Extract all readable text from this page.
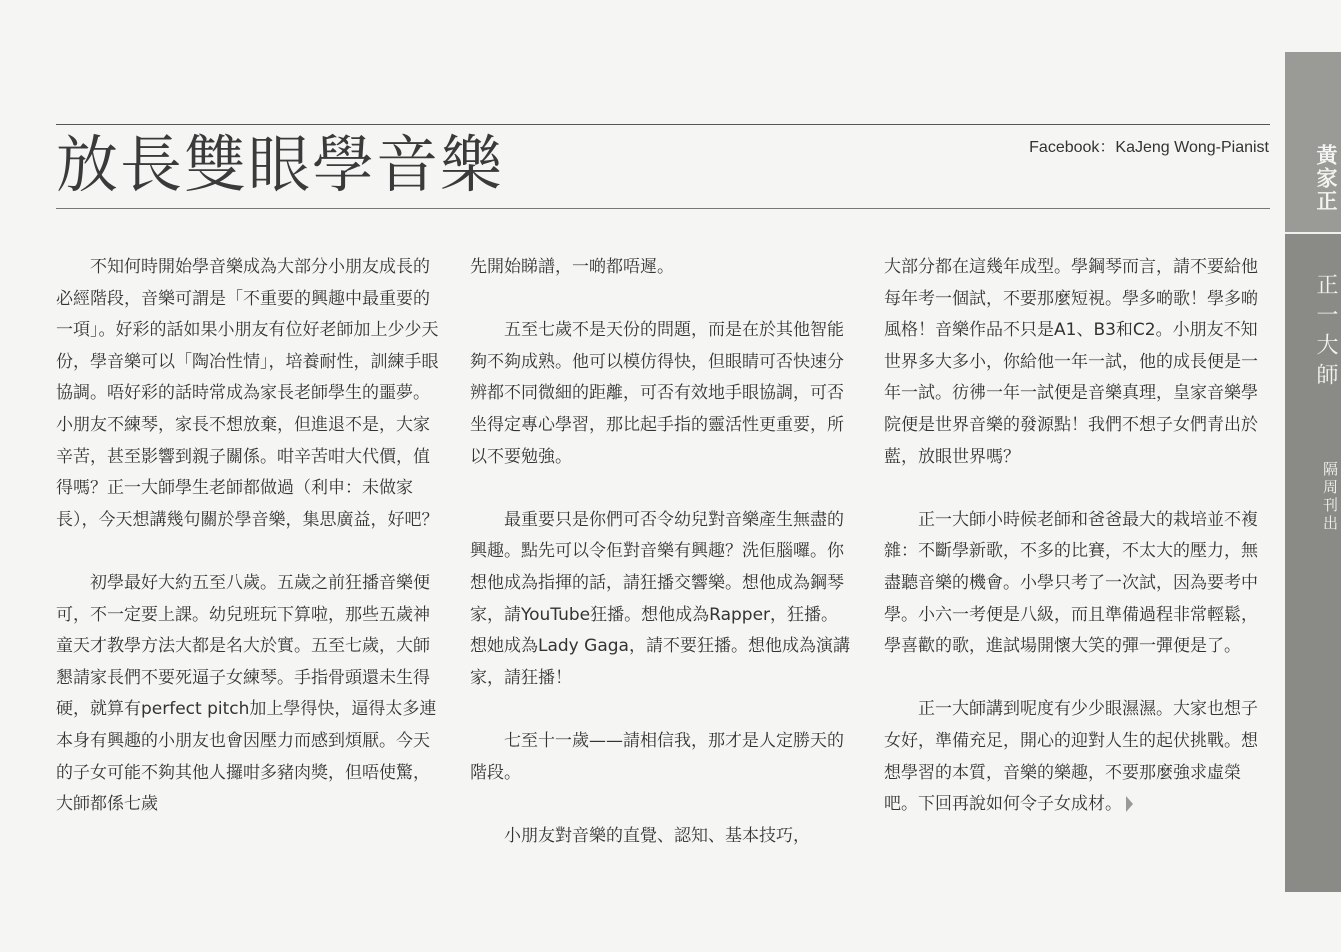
放長雙眼學音樂	Facebook：KaJeng Wong-Pianist

不知何時開始學音樂成為大部分小朋友成長的必經階段，音樂可謂是「不重要的興趣中最重要的一項」。好彩的話如果小朋友有位好老師加上少少天份，學音樂可以「陶冶性情」，培養耐性，訓練手眼協調。唔好彩的話時常成為家長老師學生的噩夢。小朋友不練琴，家長不想放棄，但進退不是，大家辛苦，甚至影響到親子關係。咁辛苦咁大代價，值得嗎？正一大師學生老師都做過（利申：未做家長），今天想講幾句關於學音樂，集思廣益，好吧？

初學最好大約五至八歲。五歲之前狂播音樂便可，不一定要上課。幼兒班玩下算啦，那些五歲神童天才教學方法大都是名大於實。五至七歲，大師懇請家長們不要死逼子女練琴。手指骨頭還未生得硬，就算有perfect pitch加上學得快，逼得太多連本身有興趣的小朋友也會因壓力而感到煩厭。今天的子女可能不夠其他人攞咁多豬肉獎，但唔使驚，大師都係七歲

先開始睇譜，一啲都唔遲。

五至七歲不是天份的問題，而是在於其他智能夠不夠成熟。他可以模仿得快，但眼睛可否快速分辨都不同微細的距離，可否有效地手眼協調，可否坐得定專心學習，那比起手指的靈活性更重要，所以不要勉強。

最重要只是你們可否令幼兒對音樂產生無盡的興趣。點先可以令佢對音樂有興趣？洗佢腦囉。你想他成為指揮的話，請狂播交響樂。想他成為鋼琴家，請YouTube狂播。想他成為Rapper，狂播。想她成為Lady Gaga，請不要狂播。想他成為演講家，請狂播！

七至十一歲——請相信我，那才是人定勝天的階段。

小朋友對音樂的直覺、認知、基本技巧，

大部分都在這幾年成型。學鋼琴而言，請不要給他每年考一個試，不要那麼短視。學多啲歌！學多啲風格！音樂作品不只是A1、B3和C2。小朋友不知世界多大多小，你給他一年一試，他的成長便是一年一試。彷彿一年一試便是音樂真理，皇家音樂學院便是世界音樂的發源點！我們不想子女們青出於藍，放眼世界嗎？

正一大師小時候老師和爸爸最大的栽培並不複雜：不斷學新歌，不多的比賽，不太大的壓力，無盡聽音樂的機會。小學只考了一次試，因為要考中學。小六一考便是八級，而且準備過程非常輕鬆，學喜歡的歌，進試場開懷大笑的彈一彈便是了。

正一大師講到呢度有少少眼濕濕。大家也想子女好，準備充足，開心的迎對人生的起伏挑戰。想想學習的本質，音樂的樂趣，不要那麼強求虛榮吧。下回再說如何令子女成材。

黃家正
正一大師
隔周刊出
